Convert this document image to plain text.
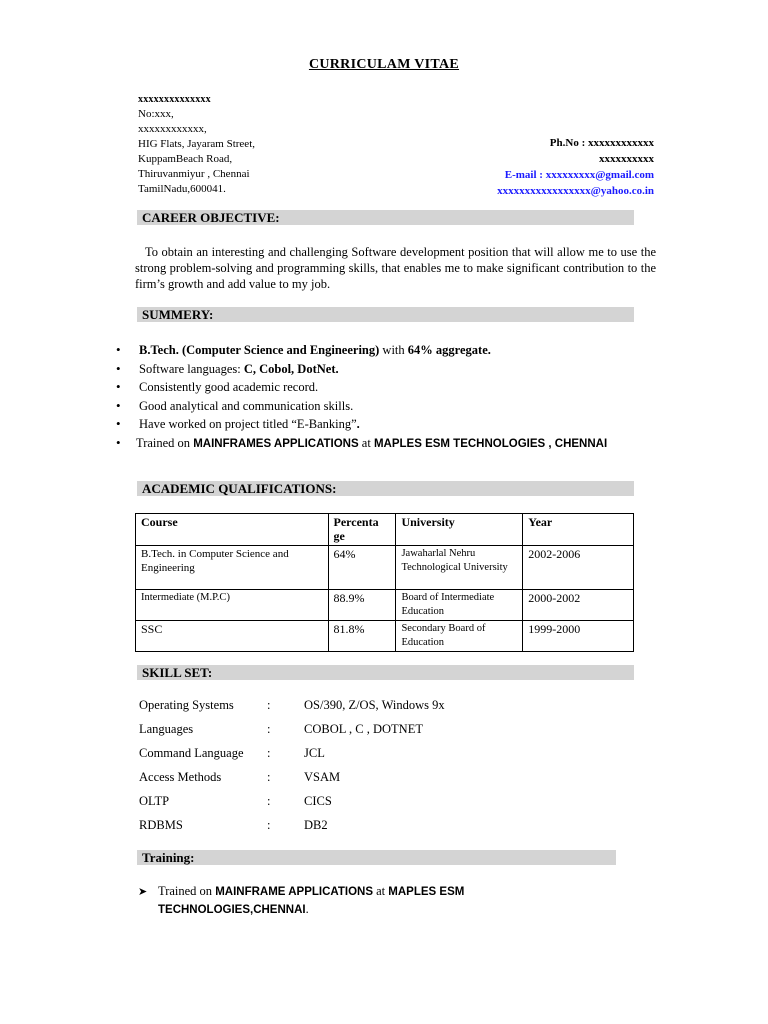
CURRICULAM VITAE
xxxxxxxxxxxxxx
No:xxx,
xxxxxxxxxxxx,
HIG Flats, Jayaram Street,
KuppamBeach Road,
Thiruvanmiyur , Chennai
TamilNadu,600041.
Ph.No : xxxxxxxxxxxx
xxxxxxxxxx
E-mail : xxxxxxxxx@gmail.com
xxxxxxxxxxxxxxxxx@yahoo.co.in
CAREER OBJECTIVE:
To obtain an interesting and challenging Software development position that will allow me to use the strong problem-solving and programming skills, that enables me to make significant contribution to the firm’s growth and add value to my job.
SUMMERY:
• B.Tech. (Computer Science and Engineering) with 64% aggregate.
• Software languages: C, Cobol, DotNet.
• Consistently good academic record.
• Good analytical and communication skills.
• Have worked on project titled “E-Banking”.
• Trained on MAINFRAMES APPLICATIONS at MAPLES ESM TECHNOLOGIES , CHENNAI
ACADEMIC QUALIFICATIONS:
Course	Percenta ge	University	Year
B.Tech. in Computer Science and Engineering	64%	Jawaharlal Nehru Technological University	2002-2006
Intermediate (M.P.C)	88.9%	Board of Intermediate Education	2000-2002
SSC	81.8%	Secondary Board of Education	1999-2000
SKILL SET:
Operating Systems	:	OS/390, Z/OS, Windows 9x
Languages	:	COBOL , C , DOTNET
Command Language :	JCL
Access Methods	:	VSAM
OLTP	:	CICS
RDBMS	:	DB2
Training:
➤ Trained on MAINFRAME APPLICATIONS at MAPLES ESM TECHNOLOGIES,CHENNAI.
